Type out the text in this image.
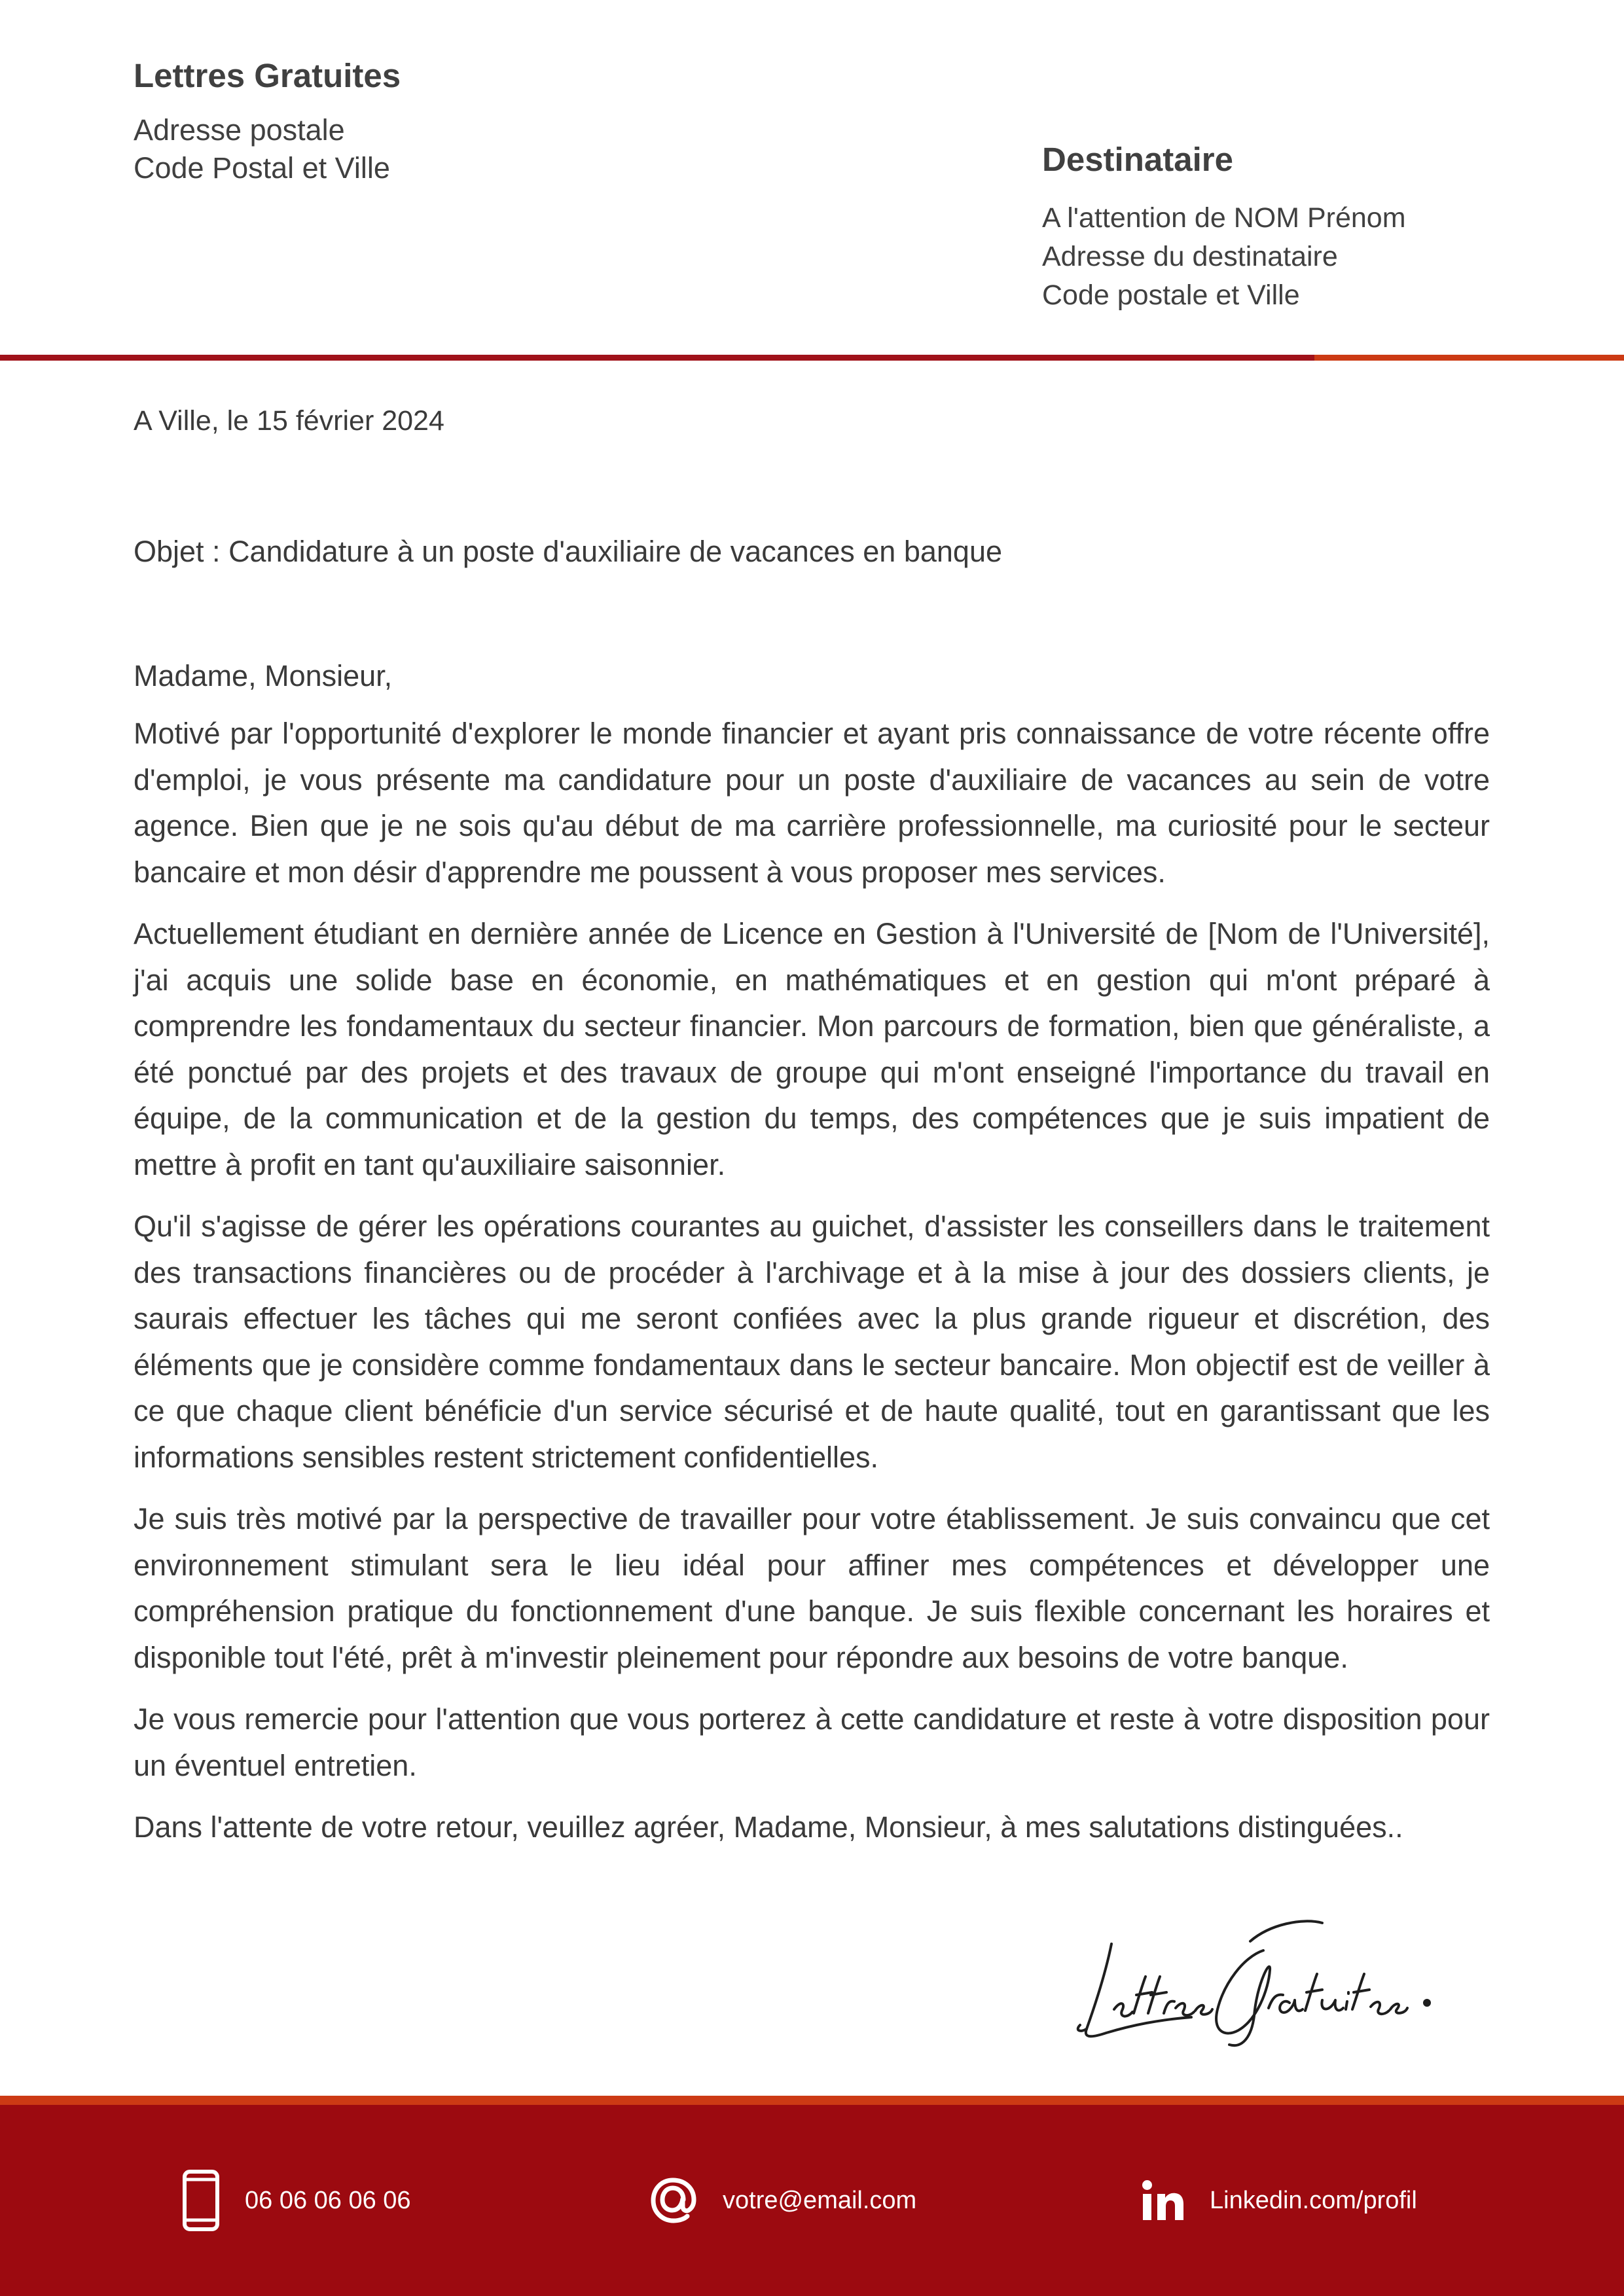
Lettres Gratuites
Adresse postale
Code Postal et Ville	Destinataire
A l'attention de NOM Prénom
Adresse du destinataire
Code postale et Ville
A Ville, le 15 février 2024
Objet : Candidature à un poste d'auxiliaire de vacances en banque

Madame, Monsieur,

Motivé par l'opportunité d'explorer le monde financier et ayant pris connaissance de votre récente offre d'emploi, je vous présente ma candidature pour un poste d'auxiliaire de vacances au sein de votre agence. Bien que je ne sois qu'au début de ma carrière professionnelle, ma curiosité pour le secteur bancaire et mon désir d'apprendre me poussent à vous proposer mes services.

Actuellement étudiant en dernière année de Licence en Gestion à l'Université de [Nom de l'Université], j'ai acquis une solide base en économie, en mathématiques et en gestion qui m'ont préparé à comprendre les fondamentaux du secteur financier. Mon parcours de formation, bien que généraliste, a été ponctué par des projets et des travaux de groupe qui m'ont enseigné l'importance du travail en équipe, de la communication et de la gestion du temps, des compétences que je suis impatient de mettre à profit en tant qu'auxiliaire saisonnier.

Qu'il s'agisse de gérer les opérations courantes au guichet, d'assister les conseillers dans le traitement des transactions financières ou de procéder à l'archivage et à la mise à jour des dossiers clients, je saurais effectuer les tâches qui me seront confiées avec la plus grande rigueur et discrétion, des éléments que je considère comme fondamentaux dans le secteur bancaire. Mon objectif est de veiller à ce que chaque client bénéficie d'un service sécurisé et de haute qualité, tout en garantissant que les informations sensibles restent strictement confidentielles.

Je suis très motivé par la perspective de travailler pour votre établissement. Je suis convaincu que cet environnement stimulant sera le lieu idéal pour affiner mes compétences et développer une compréhension pratique du fonctionnement d'une banque. Je suis flexible concernant les horaires et disponible tout l'été, prêt à m'investir pleinement pour répondre aux besoins de votre banque.

Je vous remercie pour l'attention que vous porterez à cette candidature et reste à votre disposition pour un éventuel entretien.

Dans l'attente de votre retour, veuillez agréer, Madame, Monsieur, à mes salutations distinguées..

06 06 06 06 06	votre@email.com	Linkedin.com/profil
